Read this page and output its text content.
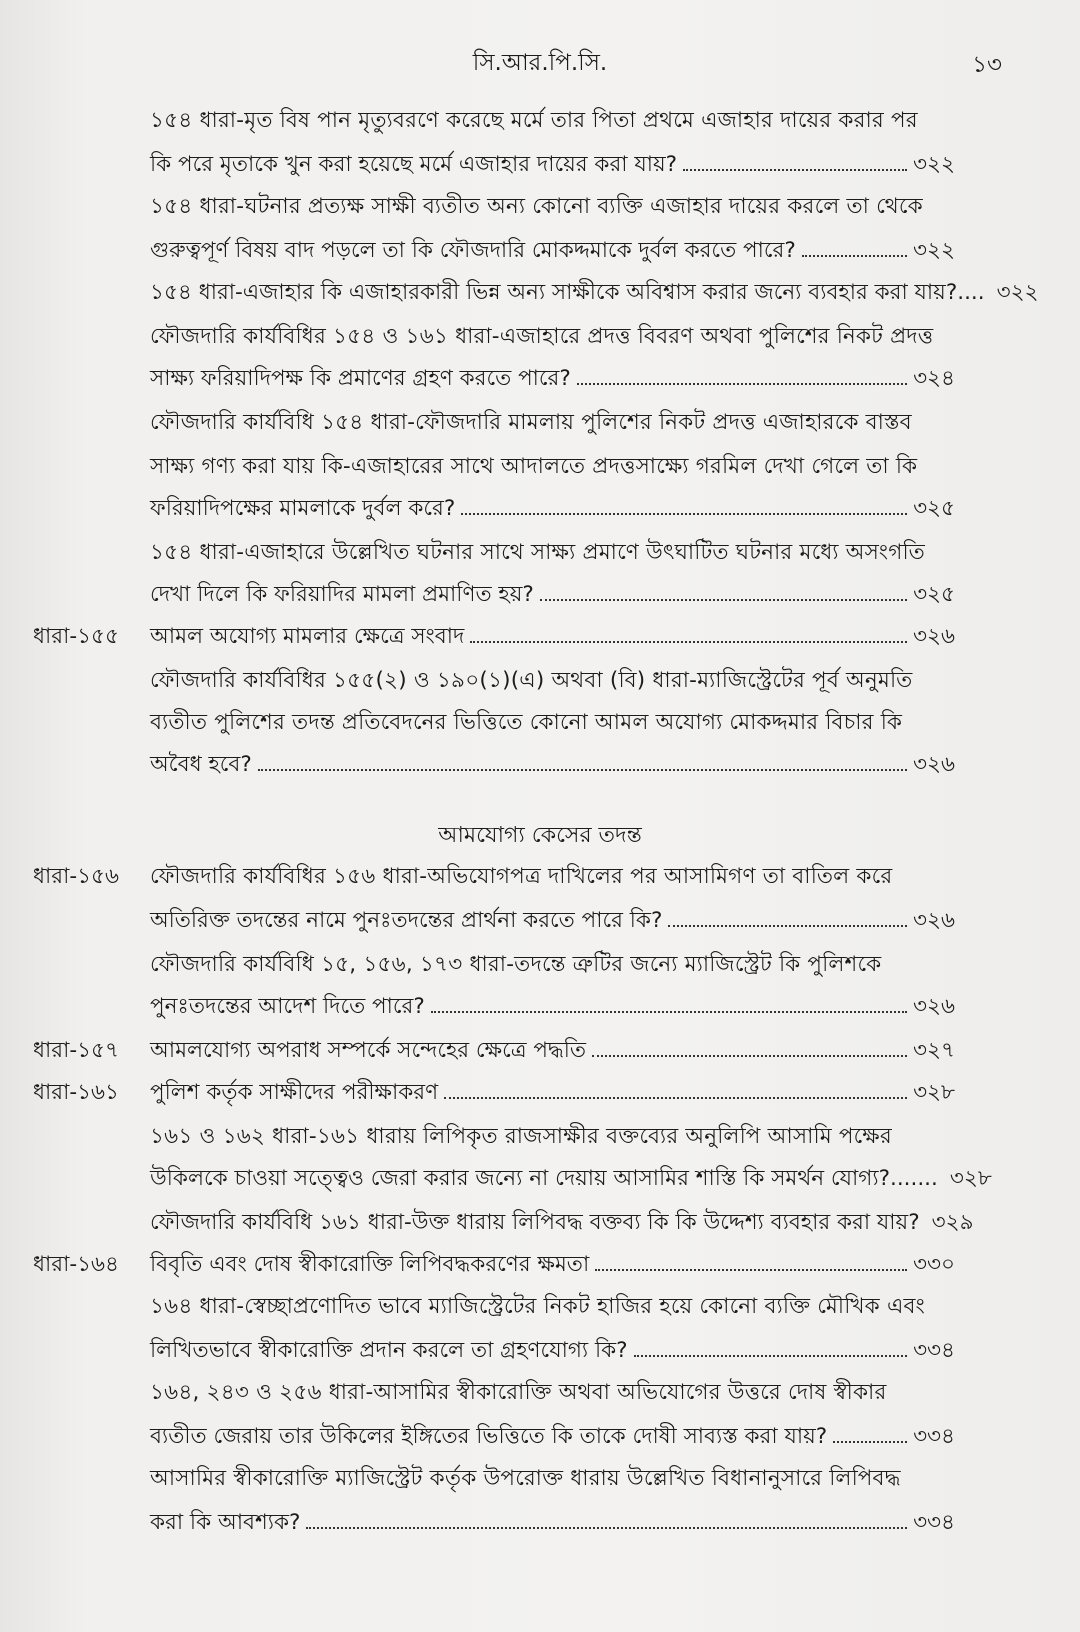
সি.আর.পি.সি.	১৩
১৫৪ ধারা-মৃত বিষ পান মৃত্যুবরণে করেছে মর্মে তার পিতা প্রথমে এজাহার দায়ের করার পর
কি পরে মৃতাকে খুন করা হয়েছে মর্মে এজাহার দায়ের করা যায়?	৩২২
১৫৪ ধারা-ঘটনার প্রত্যক্ষ সাক্ষী ব্যতীত অন্য কোনো ব্যক্তি এজাহার দায়ের করলে তা থেকে
গুরুত্বপূর্ণ বিষয় বাদ পড়লে তা কি ফৌজদারি মোকদ্দমাকে দুর্বল করতে পারে?	৩২২
১৫৪ ধারা-এজাহার কি এজাহারকারী ভিন্ন অন্য সাক্ষীকে অবিশ্বাস করার জন্যে ব্যবহার করা যায়?.... ৩২২
ফৌজদারি কার্যবিধির ১৫৪ ও ১৬১ ধারা-এজাহারে প্রদত্ত বিবরণ অথবা পুলিশের নিকট প্রদত্ত
সাক্ষ্য ফরিয়াদিপক্ষ কি প্রমাণের গ্রহণ করতে পারে?	৩২৪
ফৌজদারি কার্যবিধি ১৫৪ ধারা-ফৌজদারি মামলায় পুলিশের নিকট প্রদত্ত এজাহারকে বাস্তব
সাক্ষ্য গণ্য করা যায় কি-এজাহারের সাথে আদালতে প্রদত্তসাক্ষ্যে গরমিল দেখা গেলে তা কি
ফরিয়াদিপক্ষের মামলাকে দুর্বল করে?	৩২৫
১৫৪ ধারা-এজাহারে উল্লেখিত ঘটনার সাথে সাক্ষ্য প্রমাণে উৎঘাটিত ঘটনার মধ্যে অসংগতি
দেখা দিলে কি ফরিয়াদির মামলা প্রমাণিত হয়?	৩২৫
ধারা-১৫৫ আমল অযোগ্য মামলার ক্ষেত্রে সংবাদ	৩২৬
ফৌজদারি কার্যবিধির ১৫৫(২) ও ১৯০(১)(এ) অথবা (বি) ধারা-ম্যাজিস্ট্রেটের পূর্ব অনুমতি
ব্যতীত পুলিশের তদন্ত প্রতিবেদনের ভিত্তিতে কোনো আমল অযোগ্য মোকদ্দমার বিচার কি
অবৈধ হবে?	৩২৬
আমযোগ্য কেসের তদন্ত
ধারা-১৫৬ ফৌজদারি কার্যবিধির ১৫৬ ধারা-অভিযোগপত্র দাখিলের পর আসামিগণ তা বাতিল করে
অতিরিক্ত তদন্তের নামে পুনঃতদন্তের প্রার্থনা করতে পারে কি?	৩২৬
ফৌজদারি কার্যবিধি ১৫, ১৫৬, ১৭৩ ধারা-তদন্তে ত্রুটির জন্যে ম্যাজিস্ট্রেট কি পুলিশকে
পুনঃতদন্তের আদেশ দিতে পারে?	৩২৬
ধারা-১৫৭ আমলযোগ্য অপরাধ সম্পর্কে সন্দেহের ক্ষেত্রে পদ্ধতি	৩২৭
ধারা-১৬১ পুলিশ কর্তৃক সাক্ষীদের পরীক্ষাকরণ	৩২৮
১৬১ ও ১৬২ ধারা-১৬১ ধারায় লিপিকৃত রাজসাক্ষীর বক্তব্যের অনুলিপি আসামি পক্ষের
উকিলকে চাওয়া সত্ত্বেও জেরা করার জন্যে না দেয়ায় আসামির শাস্তি কি সমর্থন যোগ্য?....... ৩২৮
ফৌজদারি কার্যবিধি ১৬১ ধারা-উক্ত ধারায় লিপিবদ্ধ বক্তব্য কি কি উদ্দেশ্য ব্যবহার করা যায়? ৩২৯
ধারা-১৬৪ বিবৃতি এবং দোষ স্বীকারোক্তি লিপিবদ্ধকরণের ক্ষমতা	৩৩০
১৬৪ ধারা-স্বেচ্ছাপ্রণোদিত ভাবে ম্যাজিস্ট্রেটের নিকট হাজির হয়ে কোনো ব্যক্তি মৌখিক এবং
লিখিতভাবে স্বীকারোক্তি প্রদান করলে তা গ্রহণযোগ্য কি?	৩৩৪
১৬৪, ২৪৩ ও ২৫৬ ধারা-আসামির স্বীকারোক্তি অথবা অভিযোগের উত্তরে দোষ স্বীকার
ব্যতীত জেরায় তার উকিলের ইঙ্গিতের ভিত্তিতে কি তাকে দোষী সাব্যস্ত করা যায়?	৩৩৪
আসামির স্বীকারোক্তি ম্যাজিস্ট্রেট কর্তৃক উপরোক্ত ধারায় উল্লেখিত বিধানানুসারে লিপিবদ্ধ
করা কি আবশ্যক?	৩৩৪
